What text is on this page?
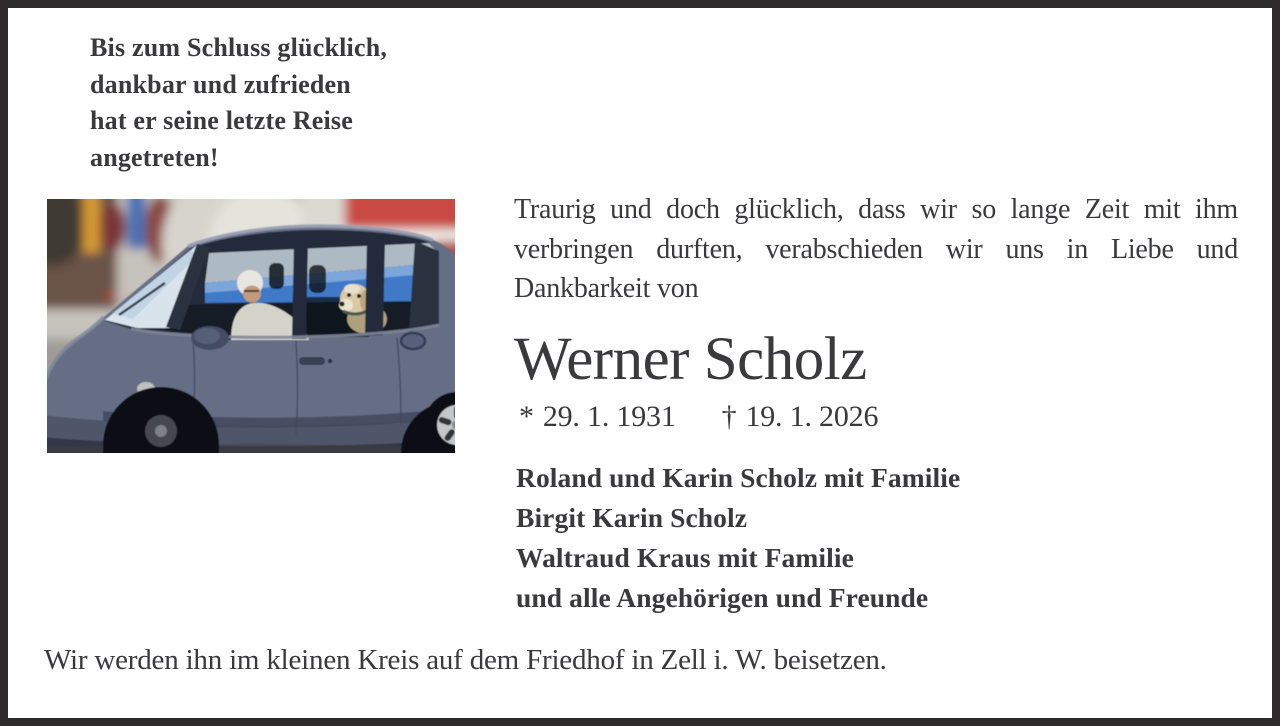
Bis zum Schluss glücklich,
dankbar und zufrieden
hat er seine letzte Reise
angetreten!
Traurig und doch glücklich, dass wir so lange Zeit mit ihm
verbringen durften, verabschieden wir uns in Liebe und
Dankbarkeit von
Werner Scholz
* 29. 1. 1931 † 19. 1. 2026
Roland und Karin Scholz mit Familie
Birgit Karin Scholz
Waltraud Kraus mit Familie
und alle Angehörigen und Freunde
Wir werden ihn im kleinen Kreis auf dem Friedhof in Zell i. W. beisetzen.
